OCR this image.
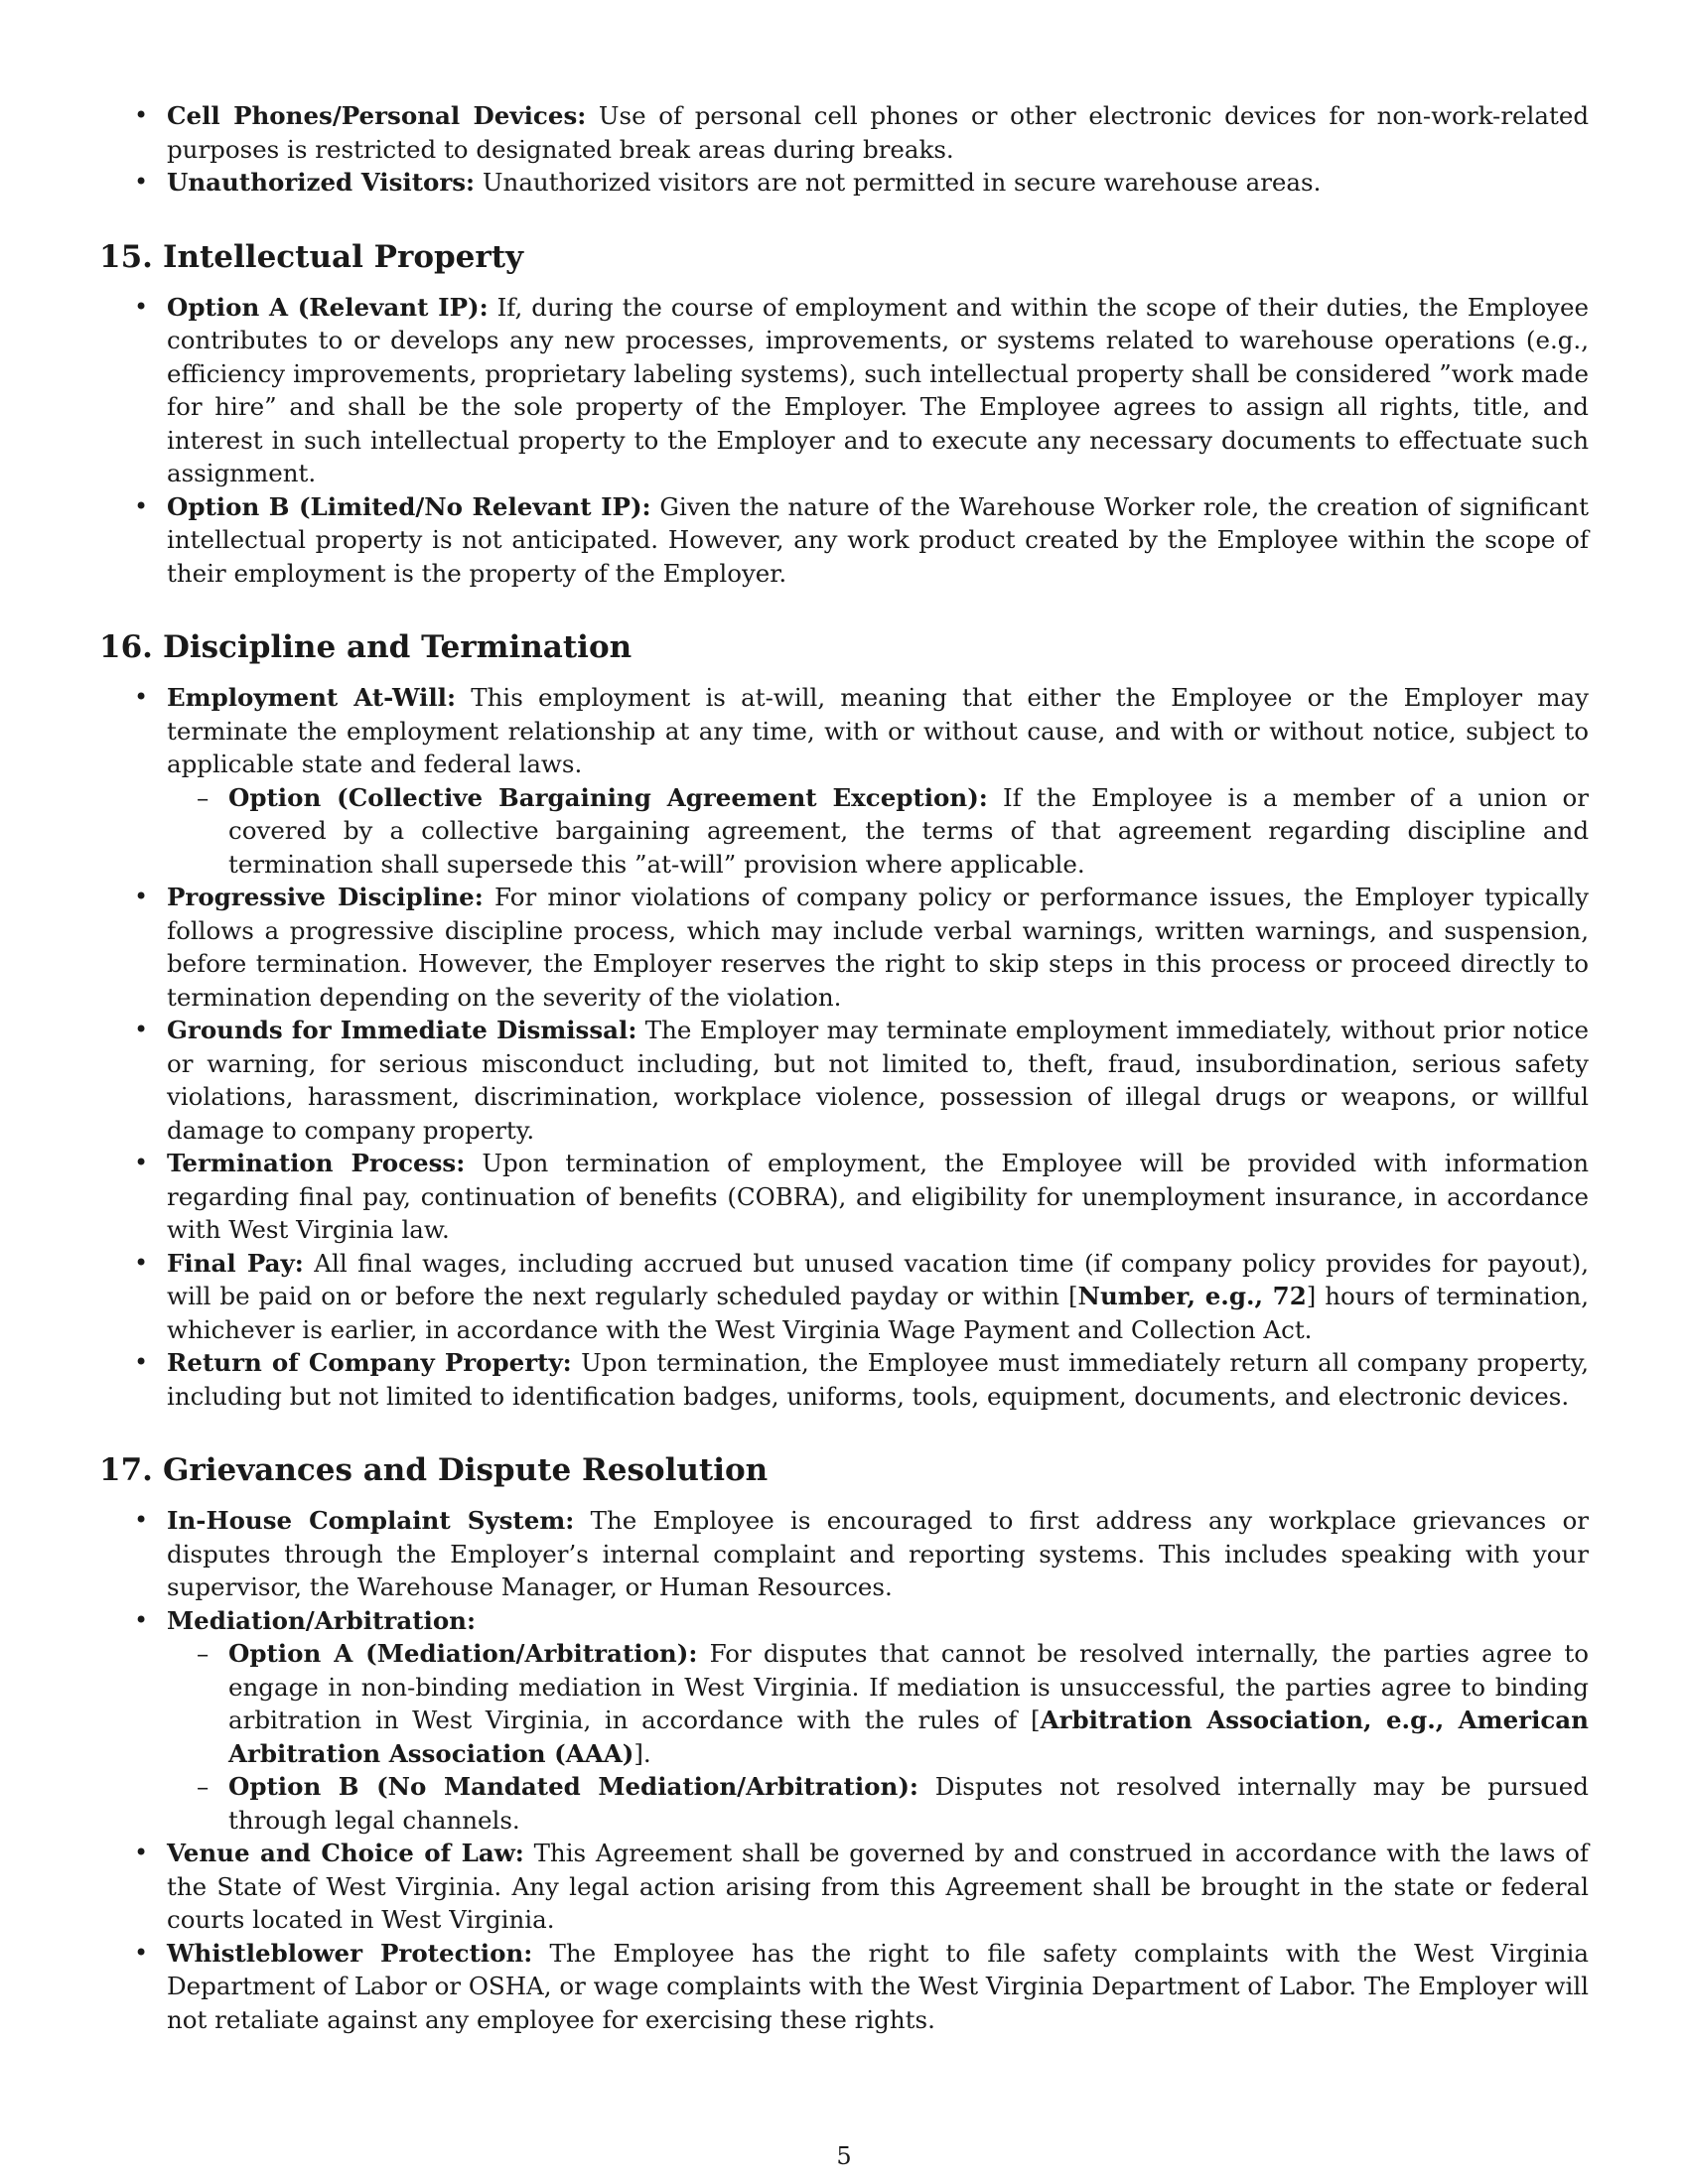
• Cell Phones/Personal Devices: Use of personal cell phones or other electronic devices for non-work-related purposes is restricted to designated break areas during breaks.
• Unauthorized Visitors: Unauthorized visitors are not permitted in secure warehouse areas.
15. Intellectual Property
• Option A (Relevant IP): If, during the course of employment and within the scope of their duties, the Employee contributes to or develops any new processes, improvements, or systems related to warehouse operations (e.g., efficiency improvements, proprietary labeling systems), such intellectual property shall be considered ”work made for hire” and shall be the sole property of the Employer. The Employee agrees to assign all rights, title, and interest in such intellectual property to the Employer and to execute any necessary documents to effectuate such assignment.
• Option B (Limited/No Relevant IP): Given the nature of the Warehouse Worker role, the creation of significant intellectual property is not anticipated. However, any work product created by the Employee within the scope of their employment is the property of the Employer.
16. Discipline and Termination
• Employment At-Will: This employment is at-will, meaning that either the Employee or the Employer may terminate the employment relationship at any time, with or without cause, and with or without notice, subject to applicable state and federal laws.
– Option (Collective Bargaining Agreement Exception): If the Employee is a member of a union or covered by a collective bargaining agreement, the terms of that agreement regarding discipline and termination shall supersede this ”at-will” provision where applicable.
• Progressive Discipline: For minor violations of company policy or performance issues, the Employer typically follows a progressive discipline process, which may include verbal warnings, written warnings, and suspension, before termination. However, the Employer reserves the right to skip steps in this process or proceed directly to termination depending on the severity of the violation.
• Grounds for Immediate Dismissal: The Employer may terminate employment immediately, without prior notice or warning, for serious misconduct including, but not limited to, theft, fraud, insubordination, serious safety violations, harassment, discrimination, workplace violence, possession of illegal drugs or weapons, or willful damage to company property.
• Termination Process: Upon termination of employment, the Employee will be provided with information regarding final pay, continuation of benefits (COBRA), and eligibility for unemployment insurance, in accordance with West Virginia law.
• Final Pay: All final wages, including accrued but unused vacation time (if company policy provides for payout), will be paid on or before the next regularly scheduled payday or within [Number, e.g., 72] hours of termination, whichever is earlier, in accordance with the West Virginia Wage Payment and Collection Act.
• Return of Company Property: Upon termination, the Employee must immediately return all company property, including but not limited to identification badges, uniforms, tools, equipment, documents, and electronic devices.
17. Grievances and Dispute Resolution
• In-House Complaint System: The Employee is encouraged to first address any workplace grievances or disputes through the Employer’s internal complaint and reporting systems. This includes speaking with your supervisor, the Warehouse Manager, or Human Resources.
• Mediation/Arbitration:
– Option A (Mediation/Arbitration): For disputes that cannot be resolved internally, the parties agree to engage in non-binding mediation in West Virginia. If mediation is unsuccessful, the parties agree to binding arbitration in West Virginia, in accordance with the rules of [Arbitration Association, e.g., American Arbitration Association (AAA)].
– Option B (No Mandated Mediation/Arbitration): Disputes not resolved internally may be pursued through legal channels.
• Venue and Choice of Law: This Agreement shall be governed by and construed in accordance with the laws of the State of West Virginia. Any legal action arising from this Agreement shall be brought in the state or federal courts located in West Virginia.
• Whistleblower Protection: The Employee has the right to file safety complaints with the West Virginia Department of Labor or OSHA, or wage complaints with the West Virginia Department of Labor. The Employer will not retaliate against any employee for exercising these rights.
5
